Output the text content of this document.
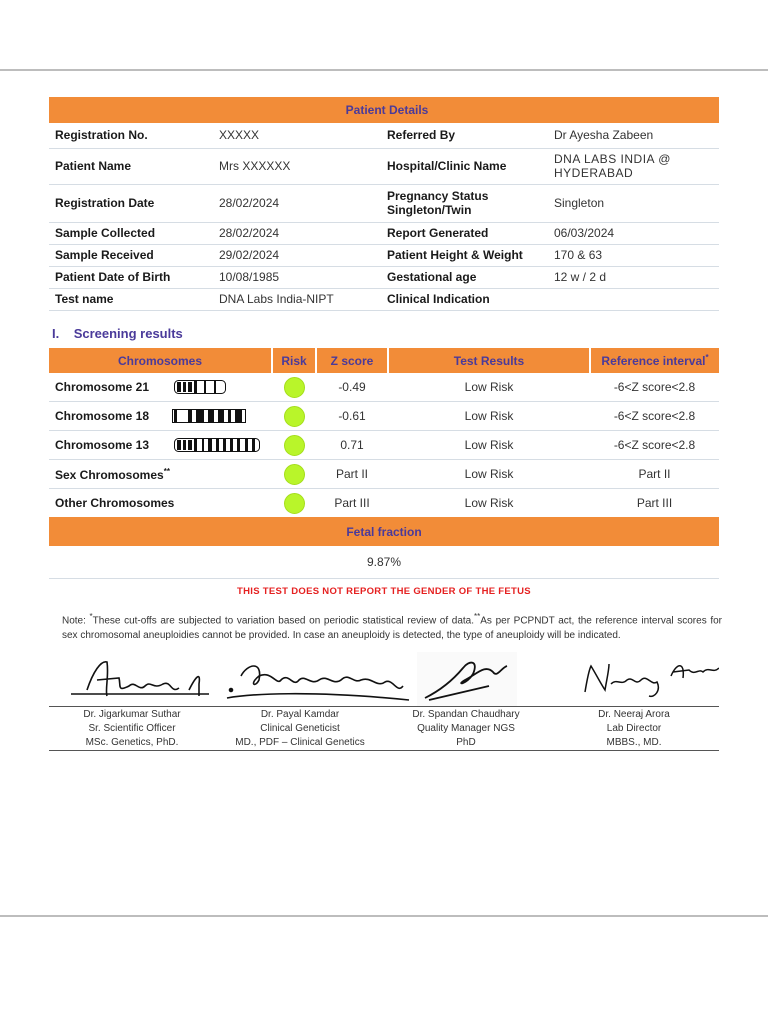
Patient Details			
Registration No.	XXXXX	Referred By	Dr Ayesha Zabeen
Patient Name	Mrs XXXXXX	Hospital/Clinic Name	DNA LABS INDIA @ HYDERABAD
Registration Date	28/02/2024	Pregnancy Status Singleton/Twin	Singleton
Sample Collected	28/02/2024	Report Generated	06/03/2024
Sample Received	29/02/2024	Patient Height & Weight	170 & 63
Patient Date of Birth	10/08/1985	Gestational age	12 w / 2 d
Test name	DNA Labs India-NIPT	Clinical Indication	
I. Screening results
Chromosomes	Risk	Z score	Test Results	Reference interval*
Chromosome 21		-0.49	Low Risk	-6<Z score<2.8
Chromosome 18		-0.61	Low Risk	-6<Z score<2.8
Chromosome 13		0.71	Low Risk	-6<Z score<2.8
Sex Chromosomes**		Part II	Low Risk	Part II
Other Chromosomes		Part III	Low Risk	Part III
Fetal fraction
9.87%
THIS TEST DOES NOT REPORT THE GENDER OF THE FETUS
Note: *These cut-offs are subjected to variation based on periodic statistical review of data.**As per PCPNDT act, the reference interval scores for sex chromosomal aneuploidies cannot be provided. In case an aneuploidy is detected, the type of aneuploidy will be indicated.
Dr. Jigarkumar Suthar
Sr. Scientific Officer
MSc. Genetics, PhD.
Dr. Payal Kamdar
Clinical Geneticist
MD., PDF – Clinical Genetics
Dr. Spandan Chaudhary
Quality Manager NGS
PhD
Dr. Neeraj Arora
Lab Director
MBBS., MD.
